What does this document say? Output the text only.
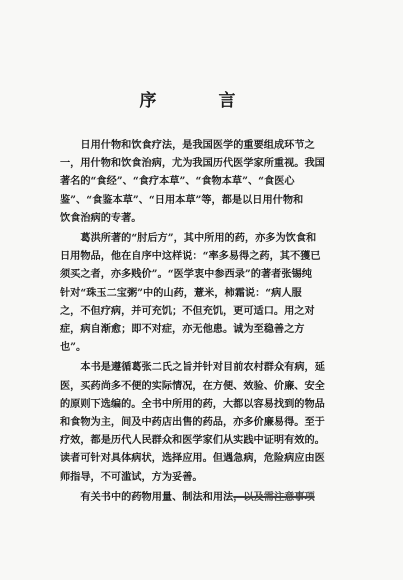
序 言
日用什物和饮食疗法，是我国医学的重要组成环节之
一，用什物和饮食治病，尤为我国历代医学家所重视。我国
著名的“食经”、“食疗本草”、“食物本草”、“食医心
鉴”、“食鉴本草”、“日用本草”等，都是以日用什物和
饮食治病的专著。
葛洪所著的“肘后方”，其中所用的药，亦多为饮食和
日用物品，他在自序中这样说：“率多易得之药，其不獲已
须买之者，亦多贱价”。“医学衷中参西录”的著者张锡纯
针对“珠玉二宝粥”中的山药，薏米，柿霜说：“病人服
之，不但疗病，并可充饥；不但充饥，更可适口。用之对
症，病自渐愈；即不对症，亦无他患。诚为至稳善之方
也”。
本书是遵循葛张二氏之旨并针对目前农村群众有病，延
医，买药尚多不便的实际情况，在方便、效验、价廉、安全
的原则下选编的。全书中所用的药，大都以容易找到的物品
和食物为主，间及中药店出售的药品，亦多价廉易得。至于
疗效，都是历代人民群众和医学家们从实践中证明有效的。
读者可针对具体病状，选择应用。但遇急病，危险病应由医
师指导，不可滥试，方为妥善。
有关书中的药物用量、制法和用法，以及需注意事项
